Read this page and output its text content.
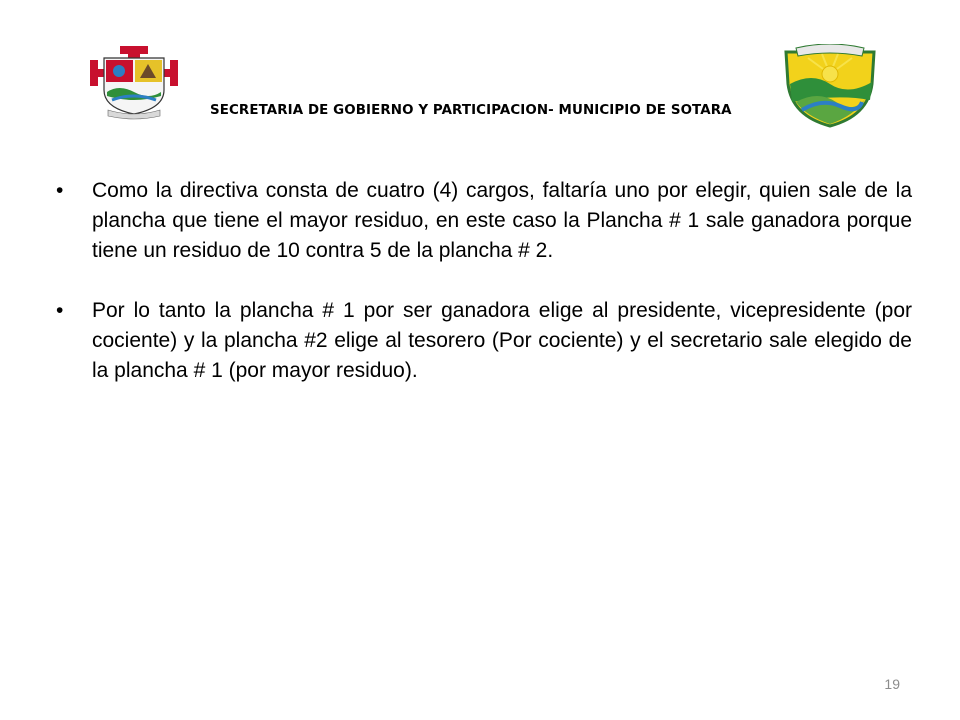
SECRETARIA DE GOBIERNO Y PARTICIPACION- MUNICIPIO DE SOTARA
• Como la directiva consta de cuatro (4) cargos, faltaría uno por elegir, quien sale de la plancha que tiene el mayor residuo, en este caso la Plancha # 1 sale ganadora porque tiene un residuo de 10 contra 5 de la plancha # 2.
• Por lo tanto la plancha # 1 por ser ganadora elige al presidente, vicepresidente (por cociente) y la plancha #2 elige al tesorero (Por cociente) y el secretario sale elegido de la plancha # 1 (por mayor residuo).
19
